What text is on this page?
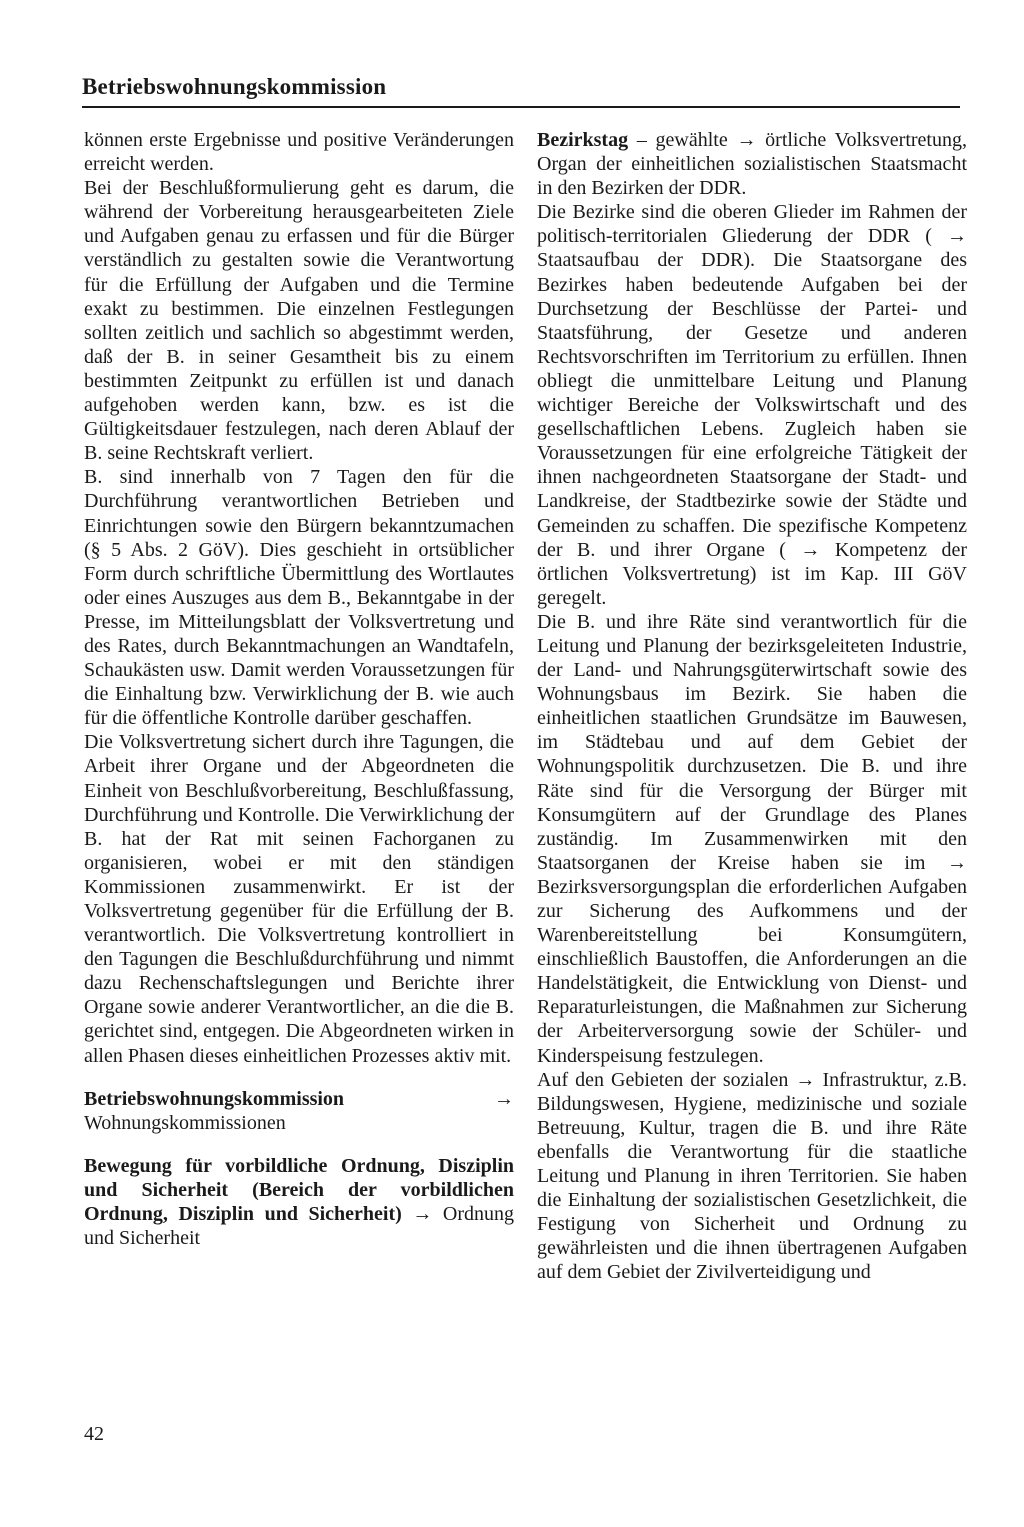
Betriebswohnungskommission

können erste Ergebnisse und positive Veränderungen erreicht werden.

Bei der Beschlußformulierung geht es darum, die während der Vorbereitung herausgearbeiteten Ziele und Aufgaben genau zu erfassen und für die Bürger verständlich zu gestalten sowie die Verantwortung für die Erfüllung der Aufgaben und die Termine exakt zu bestimmen. Die einzelnen Festlegungen sollten zeitlich und sachlich so abgestimmt werden, daß der B. in seiner Gesamtheit bis zu einem bestimmten Zeitpunkt zu erfüllen ist und danach aufgehoben werden kann, bzw. es ist die Gültigkeitsdauer festzulegen, nach deren Ablauf der B. seine Rechtskraft verliert.

B. sind innerhalb von 7 Tagen den für die Durchführung verantwortlichen Betrieben und Einrichtungen sowie den Bürgern bekanntzumachen (§ 5 Abs. 2 GöV). Dies geschieht in ortsüblicher Form durch schriftliche Übermittlung des Wortlautes oder eines Auszuges aus dem B., Bekanntgabe in der Presse, im Mitteilungsblatt der Volksvertretung und des Rates, durch Bekanntmachungen an Wandtafeln, Schaukästen usw. Damit werden Voraussetzungen für die Einhaltung bzw. Verwirklichung der B. wie auch für die öffentliche Kontrolle darüber geschaffen.

Die Volksvertretung sichert durch ihre Tagungen, die Arbeit ihrer Organe und der Abgeordneten die Einheit von Beschlußvorbereitung, Beschlußfassung, Durchführung und Kontrolle. Die Verwirklichung der B. hat der Rat mit seinen Fachorganen zu organisieren, wobei er mit den ständigen Kommissionen zusammenwirkt. Er ist der Volksvertretung gegenüber für die Erfüllung der B. verantwortlich. Die Volksvertretung kontrolliert in den Tagungen die Beschlußdurchführung und nimmt dazu Rechenschaftslegungen und Berichte ihrer Organe sowie anderer Verantwortlicher, an die die B. gerichtet sind, entgegen. Die Abgeordneten wirken in allen Phasen dieses einheitlichen Prozesses aktiv mit.

Betriebswohnungskommission → Wohnungskommissionen

Bewegung für vorbildliche Ordnung, Disziplin und Sicherheit (Bereich der vorbildlichen Ordnung, Disziplin und Sicherheit) → Ordnung und Sicherheit

Bezirkstag – gewählte → örtliche Volksvertretung, Organ der einheitlichen sozialistischen Staatsmacht in den Bezirken der DDR.

Die Bezirke sind die oberen Glieder im Rahmen der politisch-territorialen Gliederung der DDR ( → Staatsaufbau der DDR). Die Staatsorgane des Bezirkes haben bedeutende Aufgaben bei der Durchsetzung der Beschlüsse der Partei- und Staatsführung, der Gesetze und anderen Rechtsvorschriften im Territorium zu erfüllen. Ihnen obliegt die unmittelbare Leitung und Planung wichtiger Bereiche der Volkswirtschaft und des gesellschaftlichen Lebens. Zugleich haben sie Voraussetzungen für eine erfolgreiche Tätigkeit der ihnen nachgeordneten Staatsorgane der Stadt- und Landkreise, der Stadtbezirke sowie der Städte und Gemeinden zu schaffen. Die spezifische Kompetenz der B. und ihrer Organe ( → Kompetenz der örtlichen Volksvertretung) ist im Kap. III GöV geregelt.

Die B. und ihre Räte sind verantwortlich für die Leitung und Planung der bezirksgeleiteten Industrie, der Land- und Nahrungsgüterwirtschaft sowie des Wohnungsbaus im Bezirk. Sie haben die einheitlichen staatlichen Grundsätze im Bauwesen, im Städtebau und auf dem Gebiet der Wohnungspolitik durchzusetzen. Die B. und ihre Räte sind für die Versorgung der Bürger mit Konsumgütern auf der Grundlage des Planes zuständig. Im Zusammenwirken mit den Staatsorganen der Kreise haben sie im → Bezirksversorgungsplan die erforderlichen Aufgaben zur Sicherung des Aufkommens und der Warenbereitstellung bei Konsumgütern, einschließlich Baustoffen, die Anforderungen an die Handelstätigkeit, die Entwicklung von Dienst- und Reparaturleistungen, die Maßnahmen zur Sicherung der Arbeiterversorgung sowie der Schüler- und Kinderspeisung festzulegen.

Auf den Gebieten der sozialen → Infrastruktur, z.B. Bildungswesen, Hygiene, medizinische und soziale Betreuung, Kultur, tragen die B. und ihre Räte ebenfalls die Verantwortung für die staatliche Leitung und Planung in ihren Territorien. Sie haben die Einhaltung der sozialistischen Gesetzlichkeit, die Festigung von Sicherheit und Ordnung zu gewährleisten und die ihnen übertragenen Aufgaben auf dem Gebiet der Zivilverteidigung und

42
